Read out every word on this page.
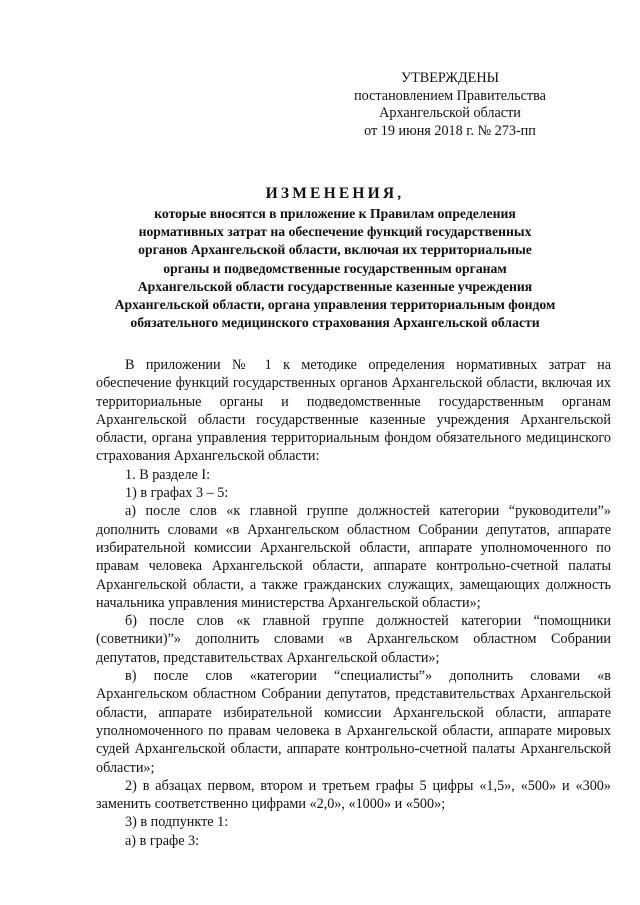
УТВЕРЖДЕНЫ
постановлением Правительства
Архангельской области
от 19 июня 2018 г. № 273-пп
ИЗМЕНЕНИЯ,
которые вносятся в приложение к Правилам определения
нормативных затрат на обеспечение функций государственных
органов Архангельской области, включая их территориальные
органы и подведомственные государственным органам
Архангельской области государственные казенные учреждения
Архангельской области, органа управления территориальным фондом
обязательного медицинского страхования Архангельской области

В приложении № 1 к методике определения нормативных затрат на обеспечение функций государственных органов Архангельской области, включая их территориальные органы и подведомственные государственным органам Архангельской области государственные казенные учреждения Архангельской области, органа управления территориальным фондом обязательного медицинского страхования Архангельской области:

1. В разделе I:

1) в графах 3 – 5:

а) после слов «к главной группе должностей категории “руководители”» дополнить словами «в Архангельском областном Собрании депутатов, аппарате избирательной комиссии Архангельской области, аппарате уполномоченного по правам человека Архангельской области, аппарате контрольно-счетной палаты Архангельской области, а также гражданских служащих, замещающих должность начальника управления министерства Архангельской области»;

б) после слов «к главной группе должностей категории “помощники (советники)”» дополнить словами «в Архангельском областном Собрании депутатов, представительствах Архангельской области»;

в) после слов «категории “специалисты”» дополнить словами «в Архангельском областном Собрании депутатов, представительствах Архангельской области, аппарате избирательной комиссии Архангельской области, аппарате уполномоченного по правам человека в Архангельской области, аппарате мировых судей Архангельской области, аппарате контрольно-счетной палаты Архангельской области»;

2) в абзацах первом, втором и третьем графы 5 цифры «1,5», «500» и «300» заменить соответственно цифрами «2,0», «1000» и «500»;

3) в подпункте 1:

а) в графе 3:
